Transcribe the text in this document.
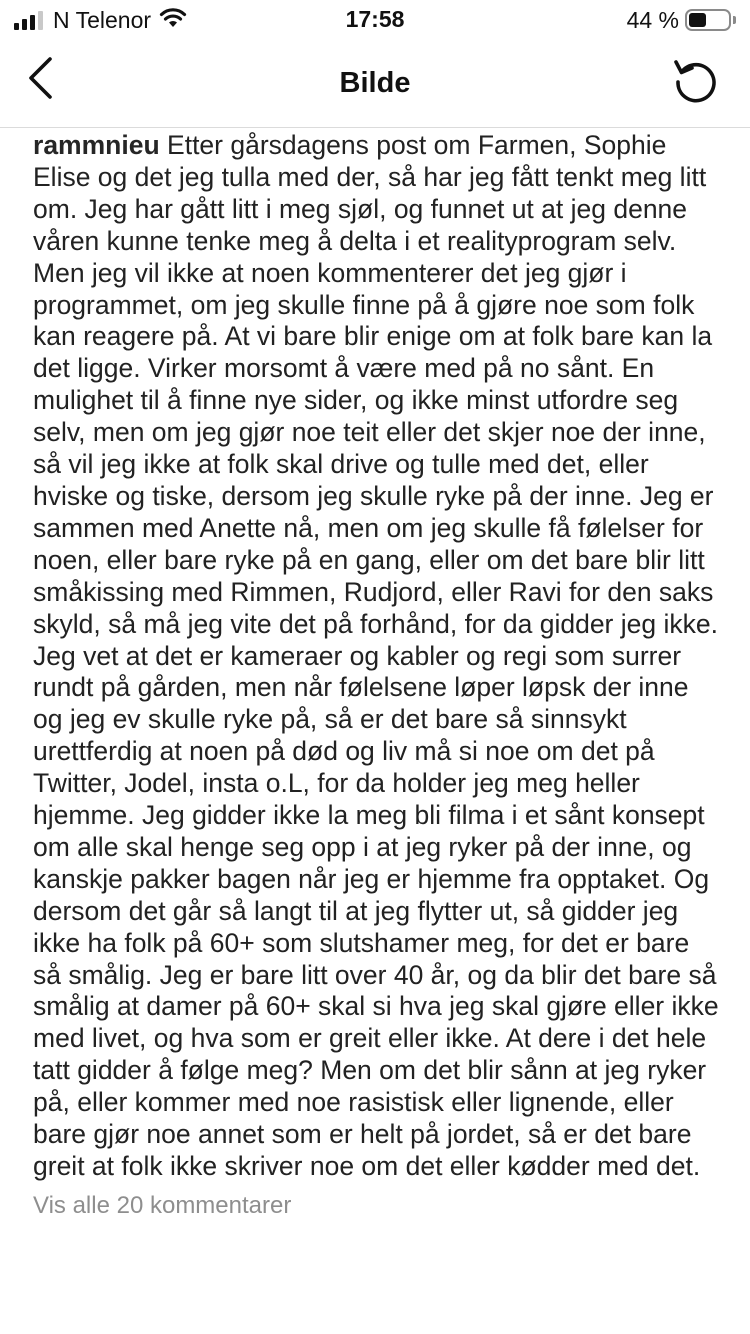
N Telenor	17:58	44 %
Bilde

rammnieu Etter gårsdagens post om Farmen, Sophie Elise og det jeg tulla med der, så har jeg fått tenkt meg litt om. Jeg har gått litt i meg sjøl, og funnet ut at jeg denne våren kunne tenke meg å delta i et realityprogram selv. Men jeg vil ikke at noen kommenterer det jeg gjør i programmet, om jeg skulle finne på å gjøre noe som folk kan reagere på. At vi bare blir enige om at folk bare kan la det ligge. Virker morsomt å være med på no sånt. En mulighet til å finne nye sider, og ikke minst utfordre seg selv, men om jeg gjør noe teit eller det skjer noe der inne, så vil jeg ikke at folk skal drive og tulle med det, eller hviske og tiske, dersom jeg skulle ryke på der inne. Jeg er sammen med Anette nå, men om jeg skulle få følelser for noen, eller bare ryke på en gang, eller om det bare blir litt småkissing med Rimmen, Rudjord, eller Ravi for den saks skyld, så må jeg vite det på forhånd, for da gidder jeg ikke. Jeg vet at det er kameraer og kabler og regi som surrer rundt på gården, men når følelsene løper løpsk der inne og jeg ev skulle ryke på, så er det bare så sinnsykt urettferdig at noen på død og liv må si noe om det på Twitter, Jodel, insta o.L, for da holder jeg meg heller hjemme. Jeg gidder ikke la meg bli filma i et sånt konsept om alle skal henge seg opp i at jeg ryker på der inne, og kanskje pakker bagen når jeg er hjemme fra opptaket. Og dersom det går så langt til at jeg flytter ut, så gidder jeg ikke ha folk på 60+ som slutshamer meg, for det er bare så smålig. Jeg er bare litt over 40 år, og da blir det bare så smålig at damer på 60+ skal si hva jeg skal gjøre eller ikke med livet, og hva som er greit eller ikke. At dere i det hele tatt gidder å følge meg? Men om det blir sånn at jeg ryker på, eller kommer med noe rasistisk eller lignende, eller bare gjør noe annet som er helt på jordet, så er det bare greit at folk ikke skriver noe om det eller kødder med det.

Vis alle 20 kommentarer
